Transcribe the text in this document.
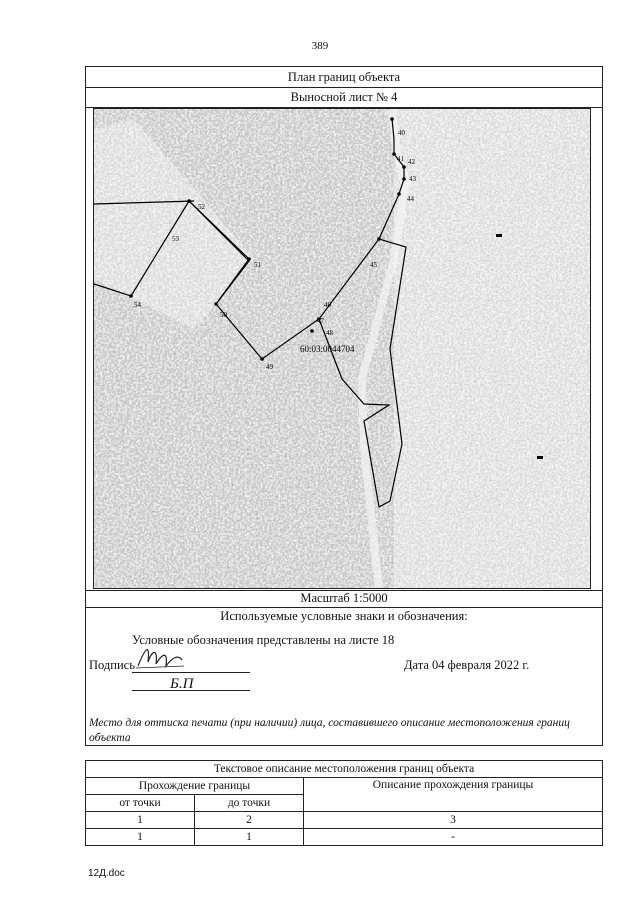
389
План границ объекта
Выносной лист № 4
40
41 42
43
44
45
46
47
48
49
50
51
52
53
54
60:03:0044704
Масштаб 1:5000
Используемые условные знаки и обозначения:
Условные обозначения представлены на листе 18
Подпись
Б.П
Дата 04 февраля 2022 г.
Место для оттиска печати (при наличии) лица, составившего описание местоположения границ объекта
Текстовое описание местоположения границ объекта		
Прохождение границы		Описание прохождения границы
от точки	до точки	
1	2	3
1	1	-
12Д.doc
